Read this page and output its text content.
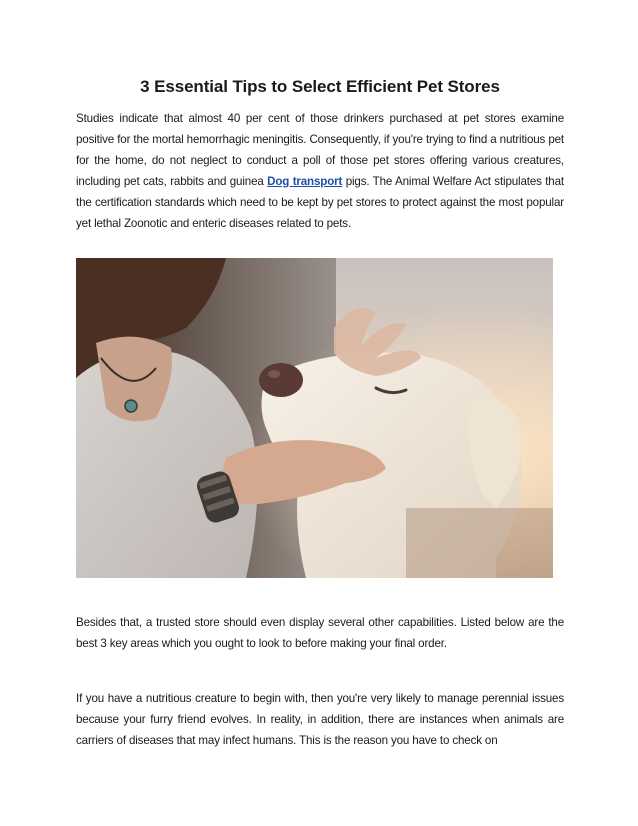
3 Essential Tips to Select Efficient Pet Stores

Studies indicate that almost 40 per cent of those drinkers purchased at pet stores examine positive for the mortal hemorrhagic meningitis. Consequently, if you're trying to find a nutritious pet for the home, do not neglect to conduct a poll of those pet stores offering various creatures, including pet cats, rabbits and guinea Dog transport pigs. The Animal Welfare Act stipulates that the certification standards which need to be kept by pet stores to protect against the most popular yet lethal Zoonotic and enteric diseases related to pets.

Besides that, a trusted store should even display several other capabilities. Listed below are the best 3 key areas which you ought to look to before making your final order.

If you have a nutritious creature to begin with, then you're very likely to manage perennial issues because your furry friend evolves. In reality, in addition, there are instances when animals are carriers of diseases that may infect humans. This is the reason you have to check on
